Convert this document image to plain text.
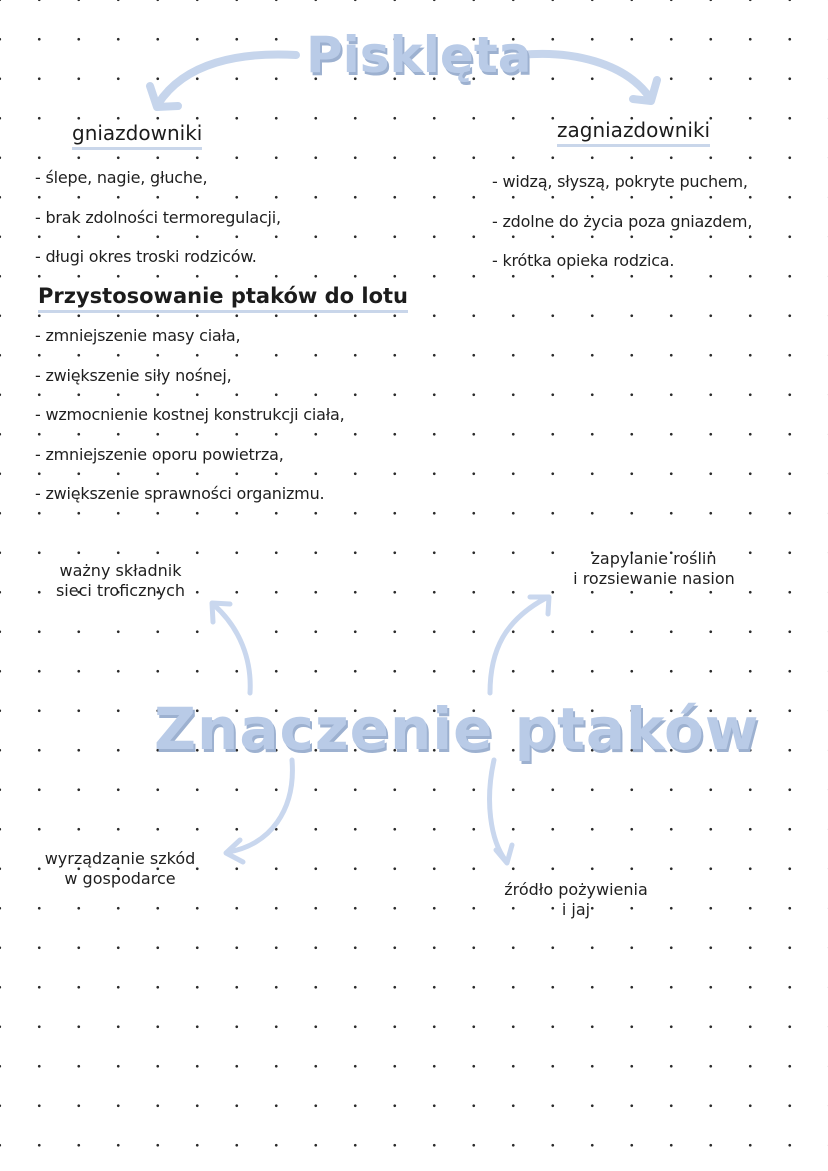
Pisklęta
gniazdowniki
- ślepe, nagie, głuche,
- brak zdolności termoregulacji,
- długi okres troski rodziców.
zagniazdowniki
- widzą, słyszą, pokryte puchem,
- zdolne do życia poza gniazdem,
- krótka opieka rodzica.
Przystosowanie ptaków do lotu
- zmniejszenie masy ciała,
- zwiększenie siły nośnej,
- wzmocnienie kostnej konstrukcji ciała,
- zmniejszenie oporu powietrza,
- zwiększenie sprawności organizmu.
ważny składnik
sieci troficznych
zapylanie roślin
i rozsiewanie nasion
Znaczenie ptaków
wyrządzanie szkód
w gospodarce
źródło pożywienia
i jaj
